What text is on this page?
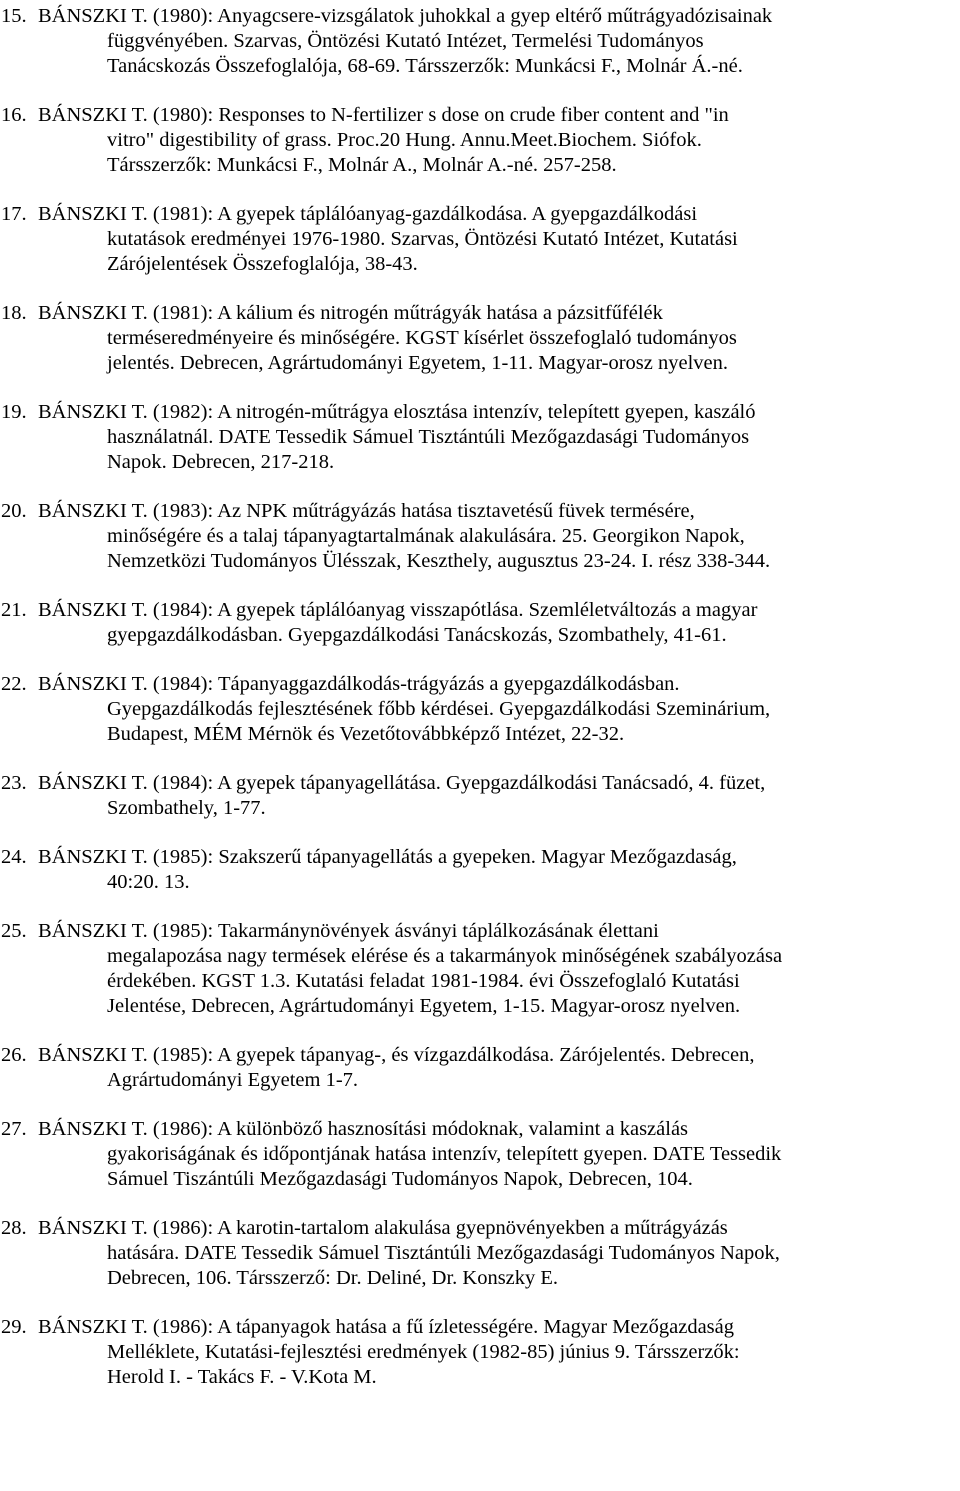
15. BÁNSZKI T. (1980): Anyagcsere-vizsgálatok juhokkal a gyep eltérő műtrágyadózisainak
függvényében. Szarvas, Öntözési Kutató Intézet, Termelési Tudományos
Tanácskozás Összefoglalója, 68-69. Társszerzők: Munkácsi F., Molnár Á.-né.
16. BÁNSZKI T. (1980): Responses to N-fertilizer s dose on crude fiber content and "in
vitro" digestibility of grass. Proc.20 Hung. Annu.Meet.Biochem. Siófok.
Társszerzők: Munkácsi F., Molnár A., Molnár A.-né. 257-258.
17. BÁNSZKI T. (1981): A gyepek táplálóanyag-gazdálkodása. A gyepgazdálkodási
kutatások eredményei 1976-1980. Szarvas, Öntözési Kutató Intézet, Kutatási
Zárójelentések Összefoglalója, 38-43.
18. BÁNSZKI T. (1981): A kálium és nitrogén műtrágyák hatása a pázsitfűfélék
terméseredményeire és minőségére. KGST kísérlet összefoglaló tudományos
jelentés. Debrecen, Agrártudományi Egyetem, 1-11. Magyar-orosz nyelven.
19. BÁNSZKI T. (1982): A nitrogén-műtrágya elosztása intenzív, telepített gyepen, kaszáló
használatnál. DATE Tessedik Sámuel Tisztántúli Mezőgazdasági Tudományos
Napok. Debrecen, 217-218.
20. BÁNSZKI T. (1983): Az NPK műtrágyázás hatása tisztavetésű füvek termésére,
minőségére és a talaj tápanyagtartalmának alakulására. 25. Georgikon Napok,
Nemzetközi Tudományos Ülésszak, Keszthely, augusztus 23-24. I. rész 338-344.
21. BÁNSZKI T. (1984): A gyepek táplálóanyag visszapótlása. Szemléletváltozás a magyar
gyepgazdálkodásban. Gyepgazdálkodási Tanácskozás, Szombathely, 41-61.
22. BÁNSZKI T. (1984): Tápanyaggazdálkodás-trágyázás a gyepgazdálkodásban.
Gyepgazdálkodás fejlesztésének főbb kérdései. Gyepgazdálkodási Szeminárium,
Budapest, MÉM Mérnök és Vezetőtovábbképző Intézet, 22-32.
23. BÁNSZKI T. (1984): A gyepek tápanyagellátása. Gyepgazdálkodási Tanácsadó, 4. füzet,
Szombathely, 1-77.
24. BÁNSZKI T. (1985): Szakszerű tápanyagellátás a gyepeken. Magyar Mezőgazdaság,
40:20. 13.
25. BÁNSZKI T. (1985): Takarmánynövények ásványi táplálkozásának élettani
megalapozása nagy termések elérése és a takarmányok minőségének szabályozása
érdekében. KGST 1.3. Kutatási feladat 1981-1984. évi Összefoglaló Kutatási
Jelentése, Debrecen, Agrártudományi Egyetem, 1-15. Magyar-orosz nyelven.
26. BÁNSZKI T. (1985): A gyepek tápanyag-, és vízgazdálkodása. Zárójelentés. Debrecen,
Agrártudományi Egyetem 1-7.
27. BÁNSZKI T. (1986): A különböző hasznosítási módoknak, valamint a kaszálás
gyakoriságának és időpontjának hatása intenzív, telepített gyepen. DATE Tessedik
Sámuel Tiszántúli Mezőgazdasági Tudományos Napok, Debrecen, 104.
28. BÁNSZKI T. (1986): A karotin-tartalom alakulása gyepnövényekben a műtrágyázás
hatására. DATE Tessedik Sámuel Tisztántúli Mezőgazdasági Tudományos Napok,
Debrecen, 106. Társszerző: Dr. Deliné, Dr. Konszky E.
29. BÁNSZKI T. (1986): A tápanyagok hatása a fű ízletességére. Magyar Mezőgazdaság
Melléklete, Kutatási-fejlesztési eredmények (1982-85) június 9. Társszerzők:
Herold I. - Takács F. - V.Kota M.
